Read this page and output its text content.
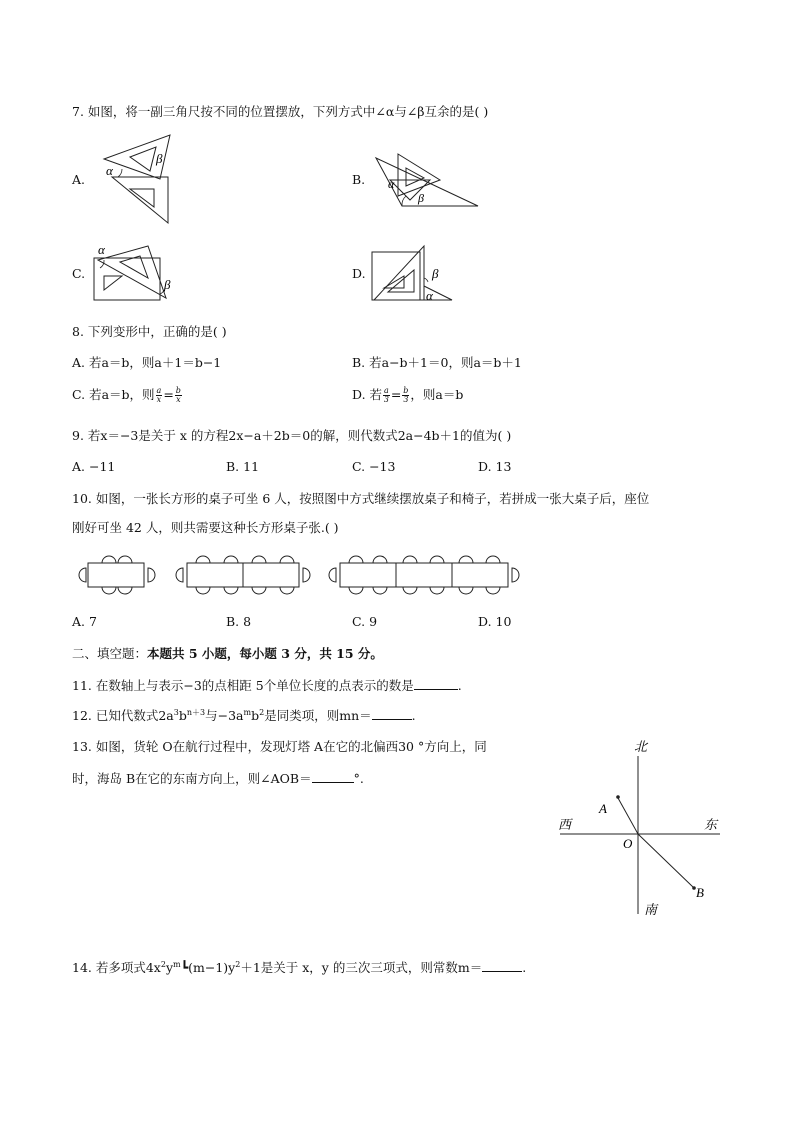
7. 如图，将一副三角尺按不同的位置摆放，下列方式中∠α与∠β互余的是( )
A.
α
β
B. α
β
C.
α
β
D.	β
α
8. 下列变形中，正确的是( )
A. 若a＝b，则a＋1＝b−1	B. 若a−b＋1＝0，则a＝b＋1
C. 若a＝b，则 $\frac{a}{x} = \frac{b}{x}$	D. 若 $\frac{a}{3} = \frac{b}{3}$ ，则a＝b
9. 若x＝−3是关于 x 的方程2x−a＋2b＝0的解，则代数式2a−4b＋1的值为( )
A. −11	B. 11	C. −13	D. 13
10. 如图，一张长方形的桌子可坐 6 人，按照图中方式继续摆放桌子和椅子，若拼成一张大桌子后，座位
刚好可坐 42 人，则共需要这种长方形桌子张.( )
A. 7	B. 8	C. 9	D. 10
二、填空题：本题共 5 小题，每小题 3 分，共 15 分。
11. 在数轴上与表示−3的点相距 5个单位长度的点表示的数是	.
12. 已知代数式$2a^3b^{n+3}$与$-3a^mb^2$是同类项，则mn＝	.
13. 如图，货轮 O在航行过程中，发现灯塔 A在它的北偏西30 °方向上，同
时，海岛 B在它的东南方向上，则∠AOB＝	°.
北
西	东
南
A
O
B
14. 若多项式$4x^2y^m┗(m-1)y^2+1$是关于 x，y 的三次三项式，则常数m＝	.
